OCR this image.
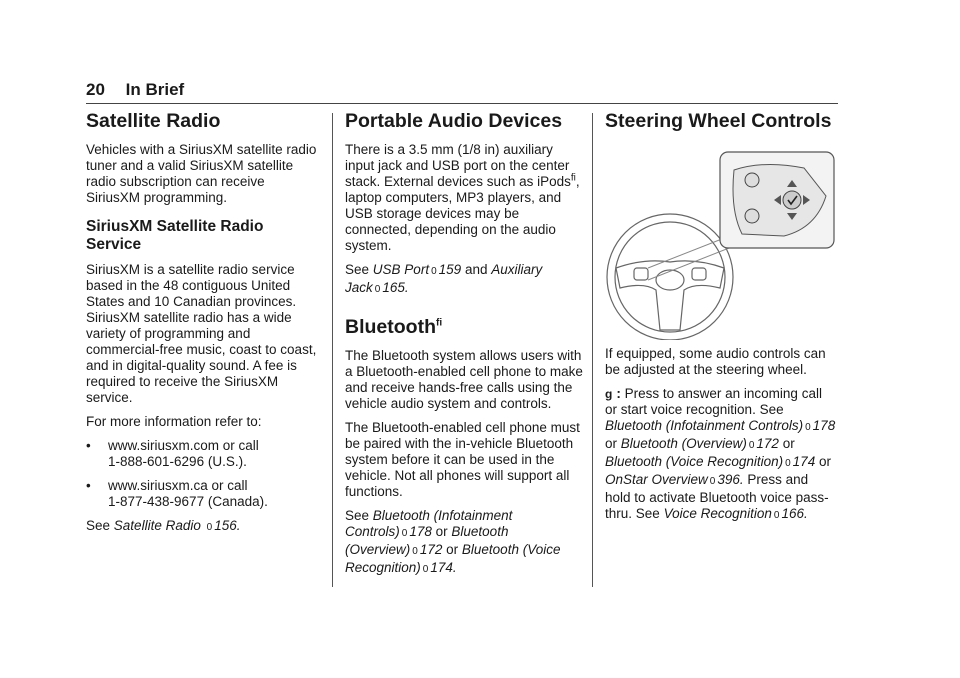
20 In Brief
Satellite Radio

Vehicles with a SiriusXM satellite radio tuner and a valid SiriusXM satellite radio subscription can receive SiriusXM programming.

SiriusXM Satellite Radio Service

SiriusXM is a satellite radio service based in the 48 contiguous United States and 10 Canadian provinces. SiriusXM satellite radio has a wide variety of programming and commercial-free music, coast to coast, and in digital-quality sound. A fee is required to receive the SiriusXM service.

For more information refer to:

•	www.siriusxm.com or call
1-888-601-6296 (U.S.).
•	www.siriusxm.ca or call
1-877-438-9677 (Canada).

See Satellite Radio 0 156.

Portable Audio Devices

There is a 3.5 mm (1/8 in) auxiliary input jack and USB port on the center stack. External devices such as iPods$^{fi}$, laptop computers, MP3 players, and USB storage devices may be connected, depending on the audio system.

See USB Port 0 159 and Auxiliary Jack 0 165.

Bluetooth$^{fi}$

The Bluetooth system allows users with a Bluetooth-enabled cell phone to make and receive hands-free calls using the vehicle audio system and controls.

The Bluetooth-enabled cell phone must be paired with the in-vehicle Bluetooth system before it can be used in the vehicle. Not all phones will support all functions.

See Bluetooth (Infotainment Controls) 0 178 or Bluetooth (Overview) 0 172 or Bluetooth (Voice Recognition) 0 174.

Steering Wheel Controls

If equipped, some audio controls can be adjusted at the steering wheel.

g : Press to answer an incoming call or start voice recognition. See Bluetooth (Infotainment Controls) 0 178 or Bluetooth (Overview) 0 172 or Bluetooth (Voice Recognition) 0 174 or OnStar Overview 0 396. Press and hold to activate Bluetooth voice pass-thru. See Voice Recognition 0 166.
